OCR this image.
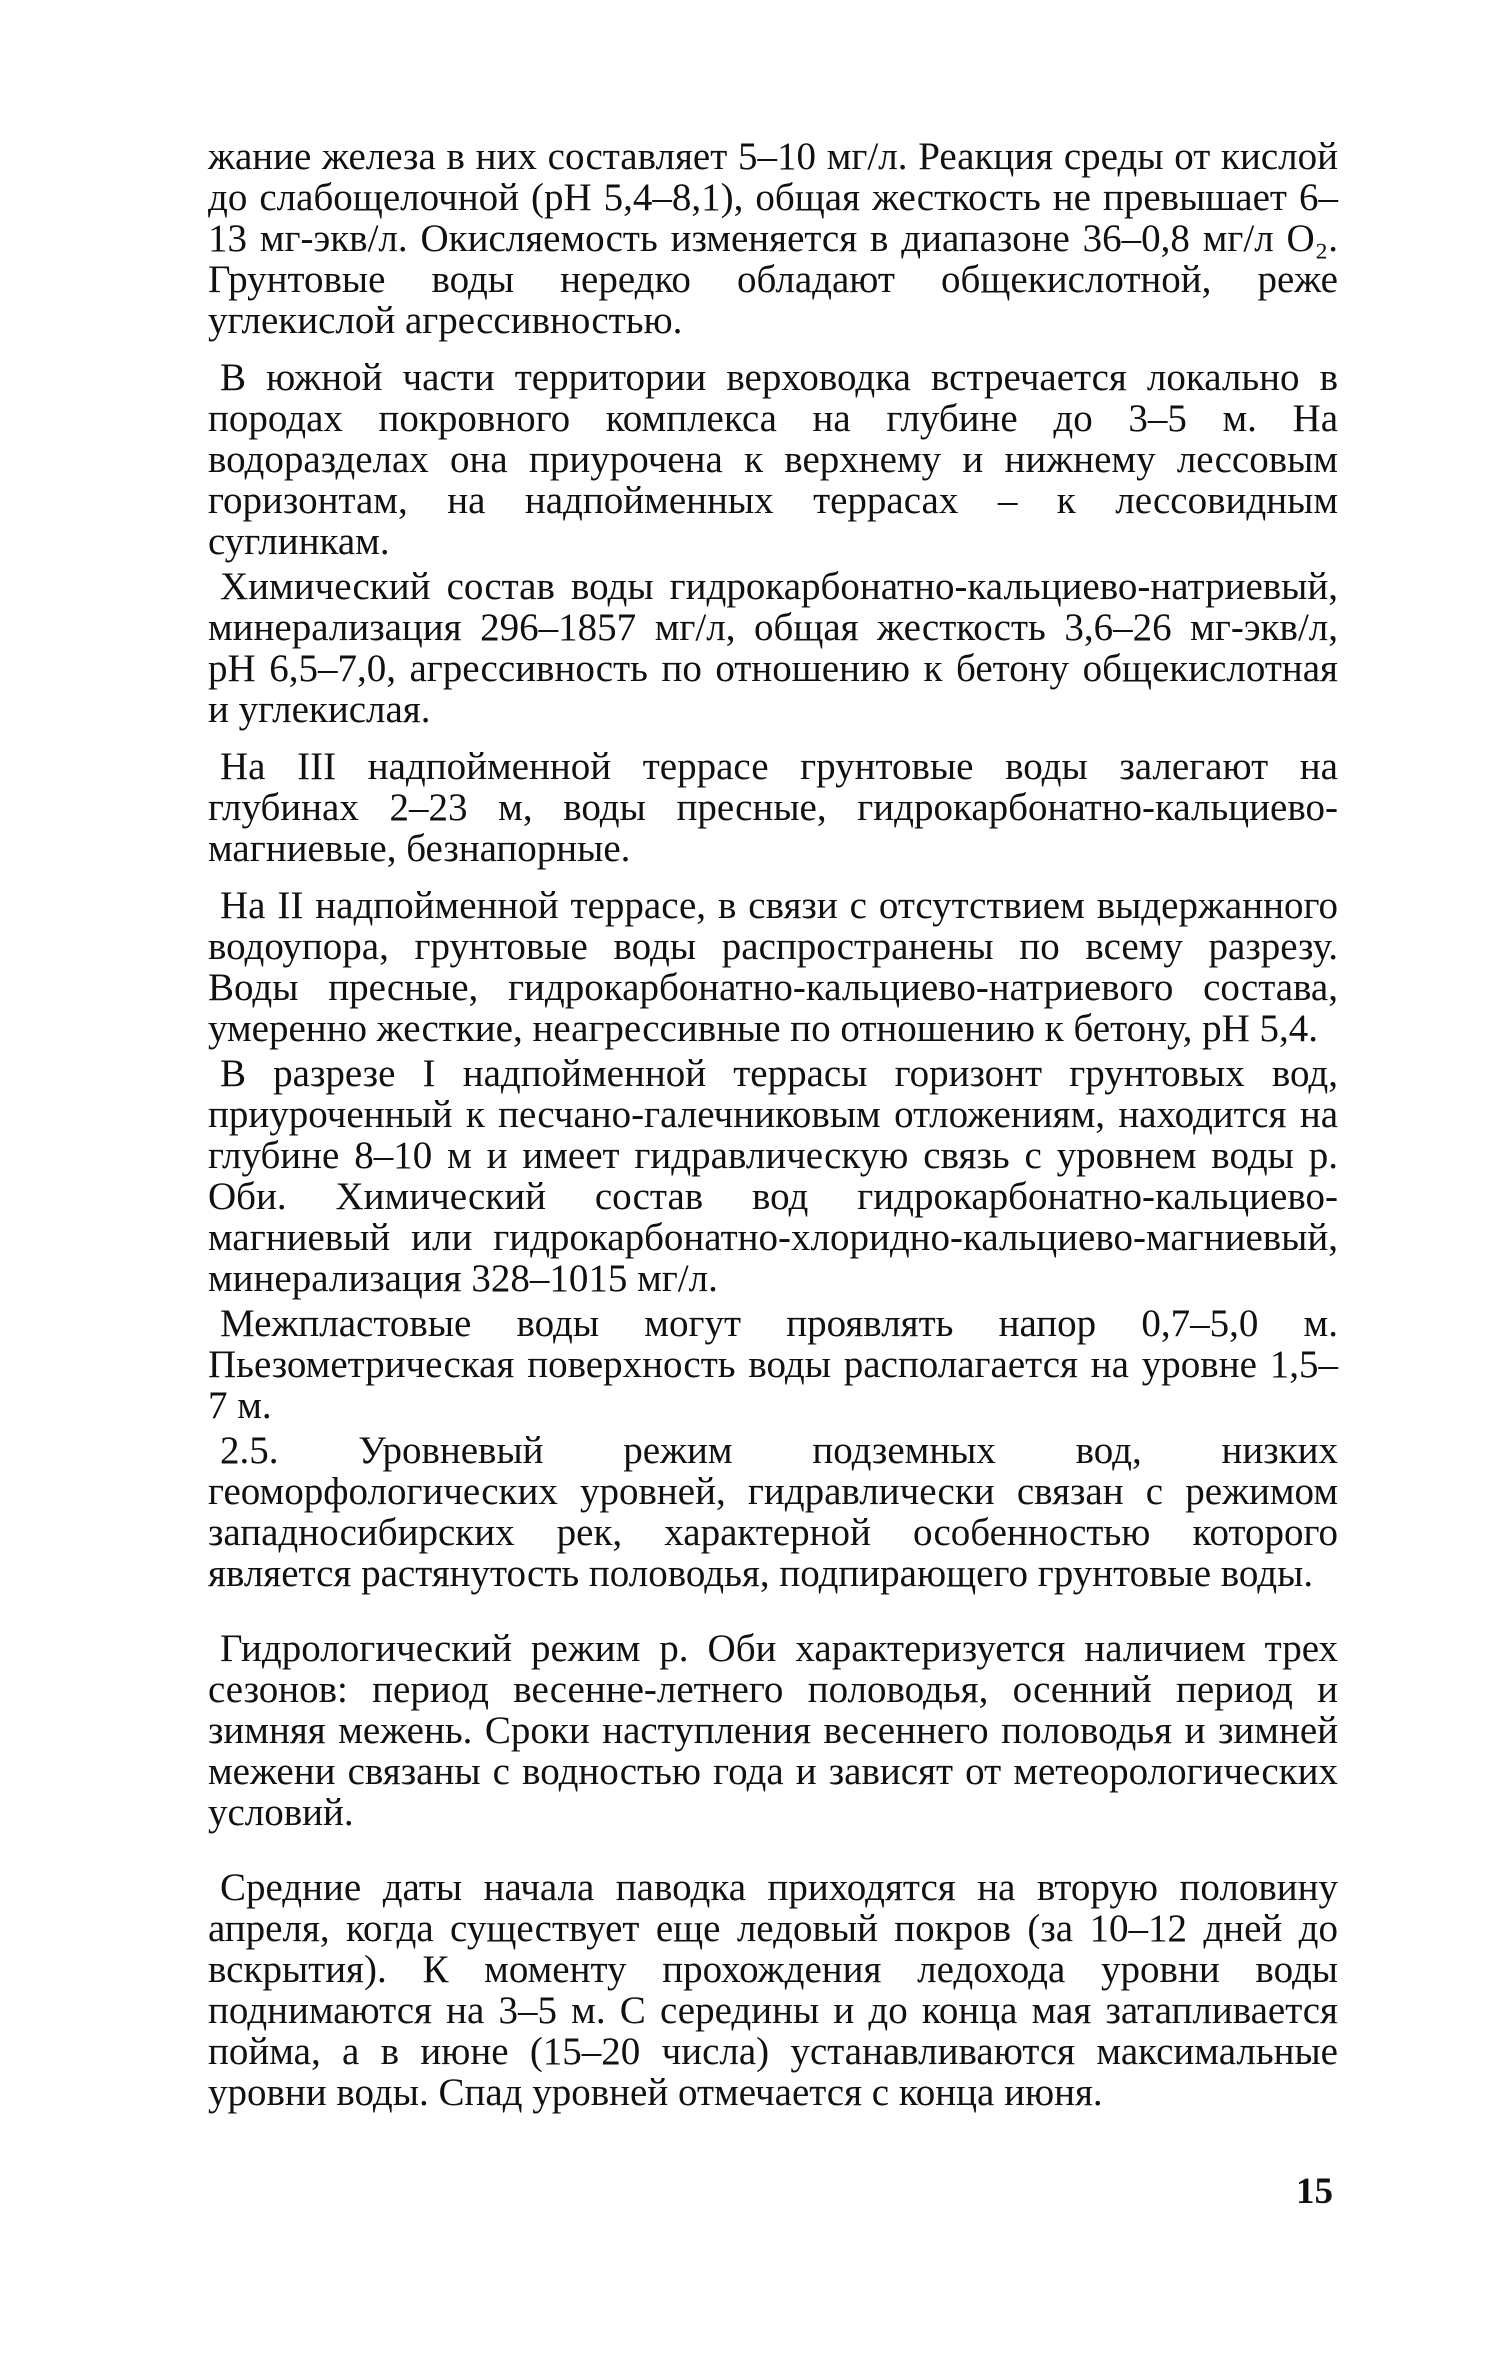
жание железа в них составляет 5–10 мг/л. Реакция среды от кислой до слабощелочной (pH 5,4–8,1), общая жесткость не превышает 6–13 мг-экв/л. Окисляемость изменяется в диапазоне 36–0,8 мг/л O₂. Грунтовые воды нередко обладают общекислотной, реже углекислой агрессивностью.

В южной части территории верховодка встречается локально в породах покровного комплекса на глубине до 3–5 м. На водоразделах она приурочена к верхнему и нижнему лессовым горизонтам, на надпойменных террасах – к лессовидным суглинкам.

Химический состав воды гидрокарбонатно-кальциево-натриевый, минерализация 296–1857 мг/л, общая жесткость 3,6–26 мг-экв/л, pH 6,5–7,0, агрессивность по отношению к бетону общекислотная и углекислая.

На III надпойменной террасе грунтовые воды залегают на глубинах 2–23 м, воды пресные, гидрокарбонатно-кальциево-магниевые, безнапорные.

На II надпойменной террасе, в связи с отсутствием выдержанного водоупора, грунтовые воды распространены по всему разрезу. Воды пресные, гидрокарбонатно-кальциево-натриевого состава, умеренно жесткие, неагрессивные по отношению к бетону, pH 5,4.

В разрезе I надпойменной террасы горизонт грунтовых вод, приуроченный к песчано-галечниковым отложениям, находится на глубине 8–10 м и имеет гидравлическую связь с уровнем воды р. Оби. Химический состав вод гидрокарбонатно-кальциево-магниевый или гидрокарбонатно-хлоридно-кальциево-магниевый, минерализация 328–1015 мг/л.

Межпластовые воды могут проявлять напор 0,7–5,0 м. Пьезометрическая поверхность воды располагается на уровне 1,5–7 м.

2.5. Уровневый режим подземных вод, низких геоморфологических уровней, гидравлически связан с режимом западносибирских рек, характерной особенностью которого является растянутость половодья, подпирающего грунтовые воды.

Гидрологический режим р. Оби характеризуется наличием трех сезонов: период весенне-летнего половодья, осенний период и зимняя межень. Сроки наступления весеннего половодья и зимней межени связаны с водностью года и зависят от метеорологических условий.

Средние даты начала паводка приходятся на вторую половину апреля, когда существует еще ледовый покров (за 10–12 дней до вскрытия). К моменту прохождения ледохода уровни воды поднимаются на 3–5 м. С середины и до конца мая затапливается пойма, а в июне (15–20 числа) устанавливаются максимальные уровни воды. Спад уровней отмечается с конца июня.

15
